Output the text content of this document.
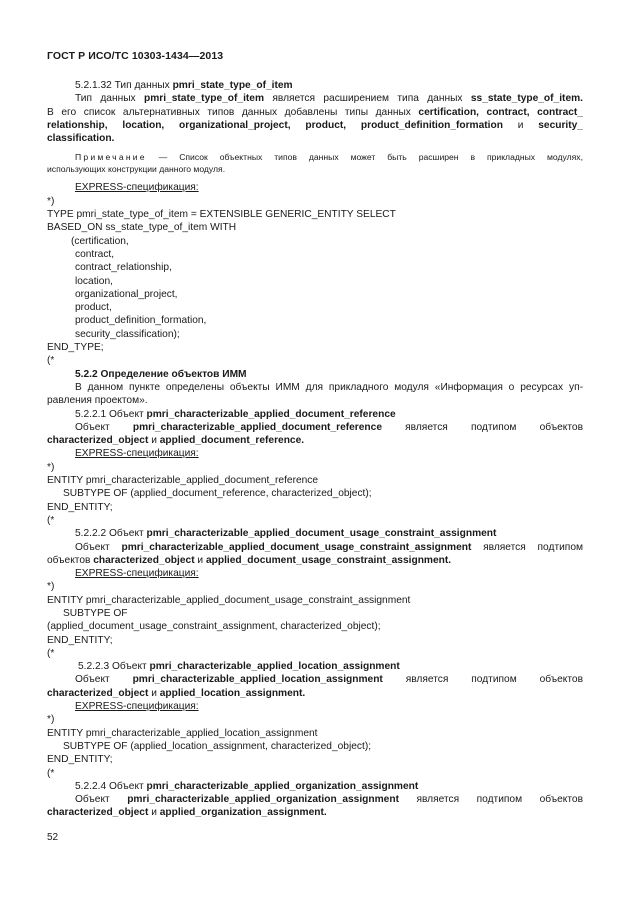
ГОСТ Р ИСО/ТС 10303-1434—2013
5.2.1.32 Тип данных pmri_state_type_of_item
Тип данных pmri_state_type_of_item является расширением типа данных ss_state_type_of_item.
В его список альтернативных типов данных добавлены типы данных certification, contract, contract_
relationship, location, organizational_project, product, product_definition_formation и security_
classification.
Примечание — Список объектных типов данных может быть расширен в прикладных модулях,
использующих конструкции данного модуля.
EXPRESS-спецификация:
*)
TYPE pmri_state_type_of_item = EXTENSIBLE GENERIC_ENTITY SELECT
BASED_ON ss_state_type_of_item WITH
(certification,
contract,
contract_relationship,
location,
organizational_project,
product,
product_definition_formation,
security_classification);
END_TYPE;
(*
5.2.2 Определение объектов ИММ
В данном пункте определены объекты ИММ для прикладного модуля «Информация о ресурсах уп-
равления проектом».
5.2.2.1 Объект pmri_characterizable_applied_document_reference
Объект pmri_characterizable_applied_document_reference является подтипом объектов
characterized_object и applied_document_reference.
EXPRESS-спецификация:
*)
ENTITY pmri_characterizable_applied_document_reference
SUBTYPE OF (applied_document_reference, characterized_object);
END_ENTITY;
(*
5.2.2.2 Объект pmri_characterizable_applied_document_usage_constraint_assignment
Объект pmri_characterizable_applied_document_usage_constraint_assignment является подтипом
объектов characterized_object и applied_document_usage_constraint_assignment.
EXPRESS-спецификация:
*)
ENTITY pmri_characterizable_applied_document_usage_constraint_assignment
SUBTYPE OF
(applied_document_usage_constraint_assignment, characterized_object);
END_ENTITY;
(*
5.2.2.3 Объект pmri_characterizable_applied_location_assignment
Объект pmri_characterizable_applied_location_assignment является подтипом объектов
characterized_object и applied_location_assignment.
EXPRESS-спецификация:
*)
ENTITY pmri_characterizable_applied_location_assignment
SUBTYPE OF (applied_location_assignment, characterized_object);
END_ENTITY;
(*
5.2.2.4 Объект pmri_characterizable_applied_organization_assignment
Объект pmri_characterizable_applied_organization_assignment является подтипом объектов
characterized_object и applied_organization_assignment.
52
